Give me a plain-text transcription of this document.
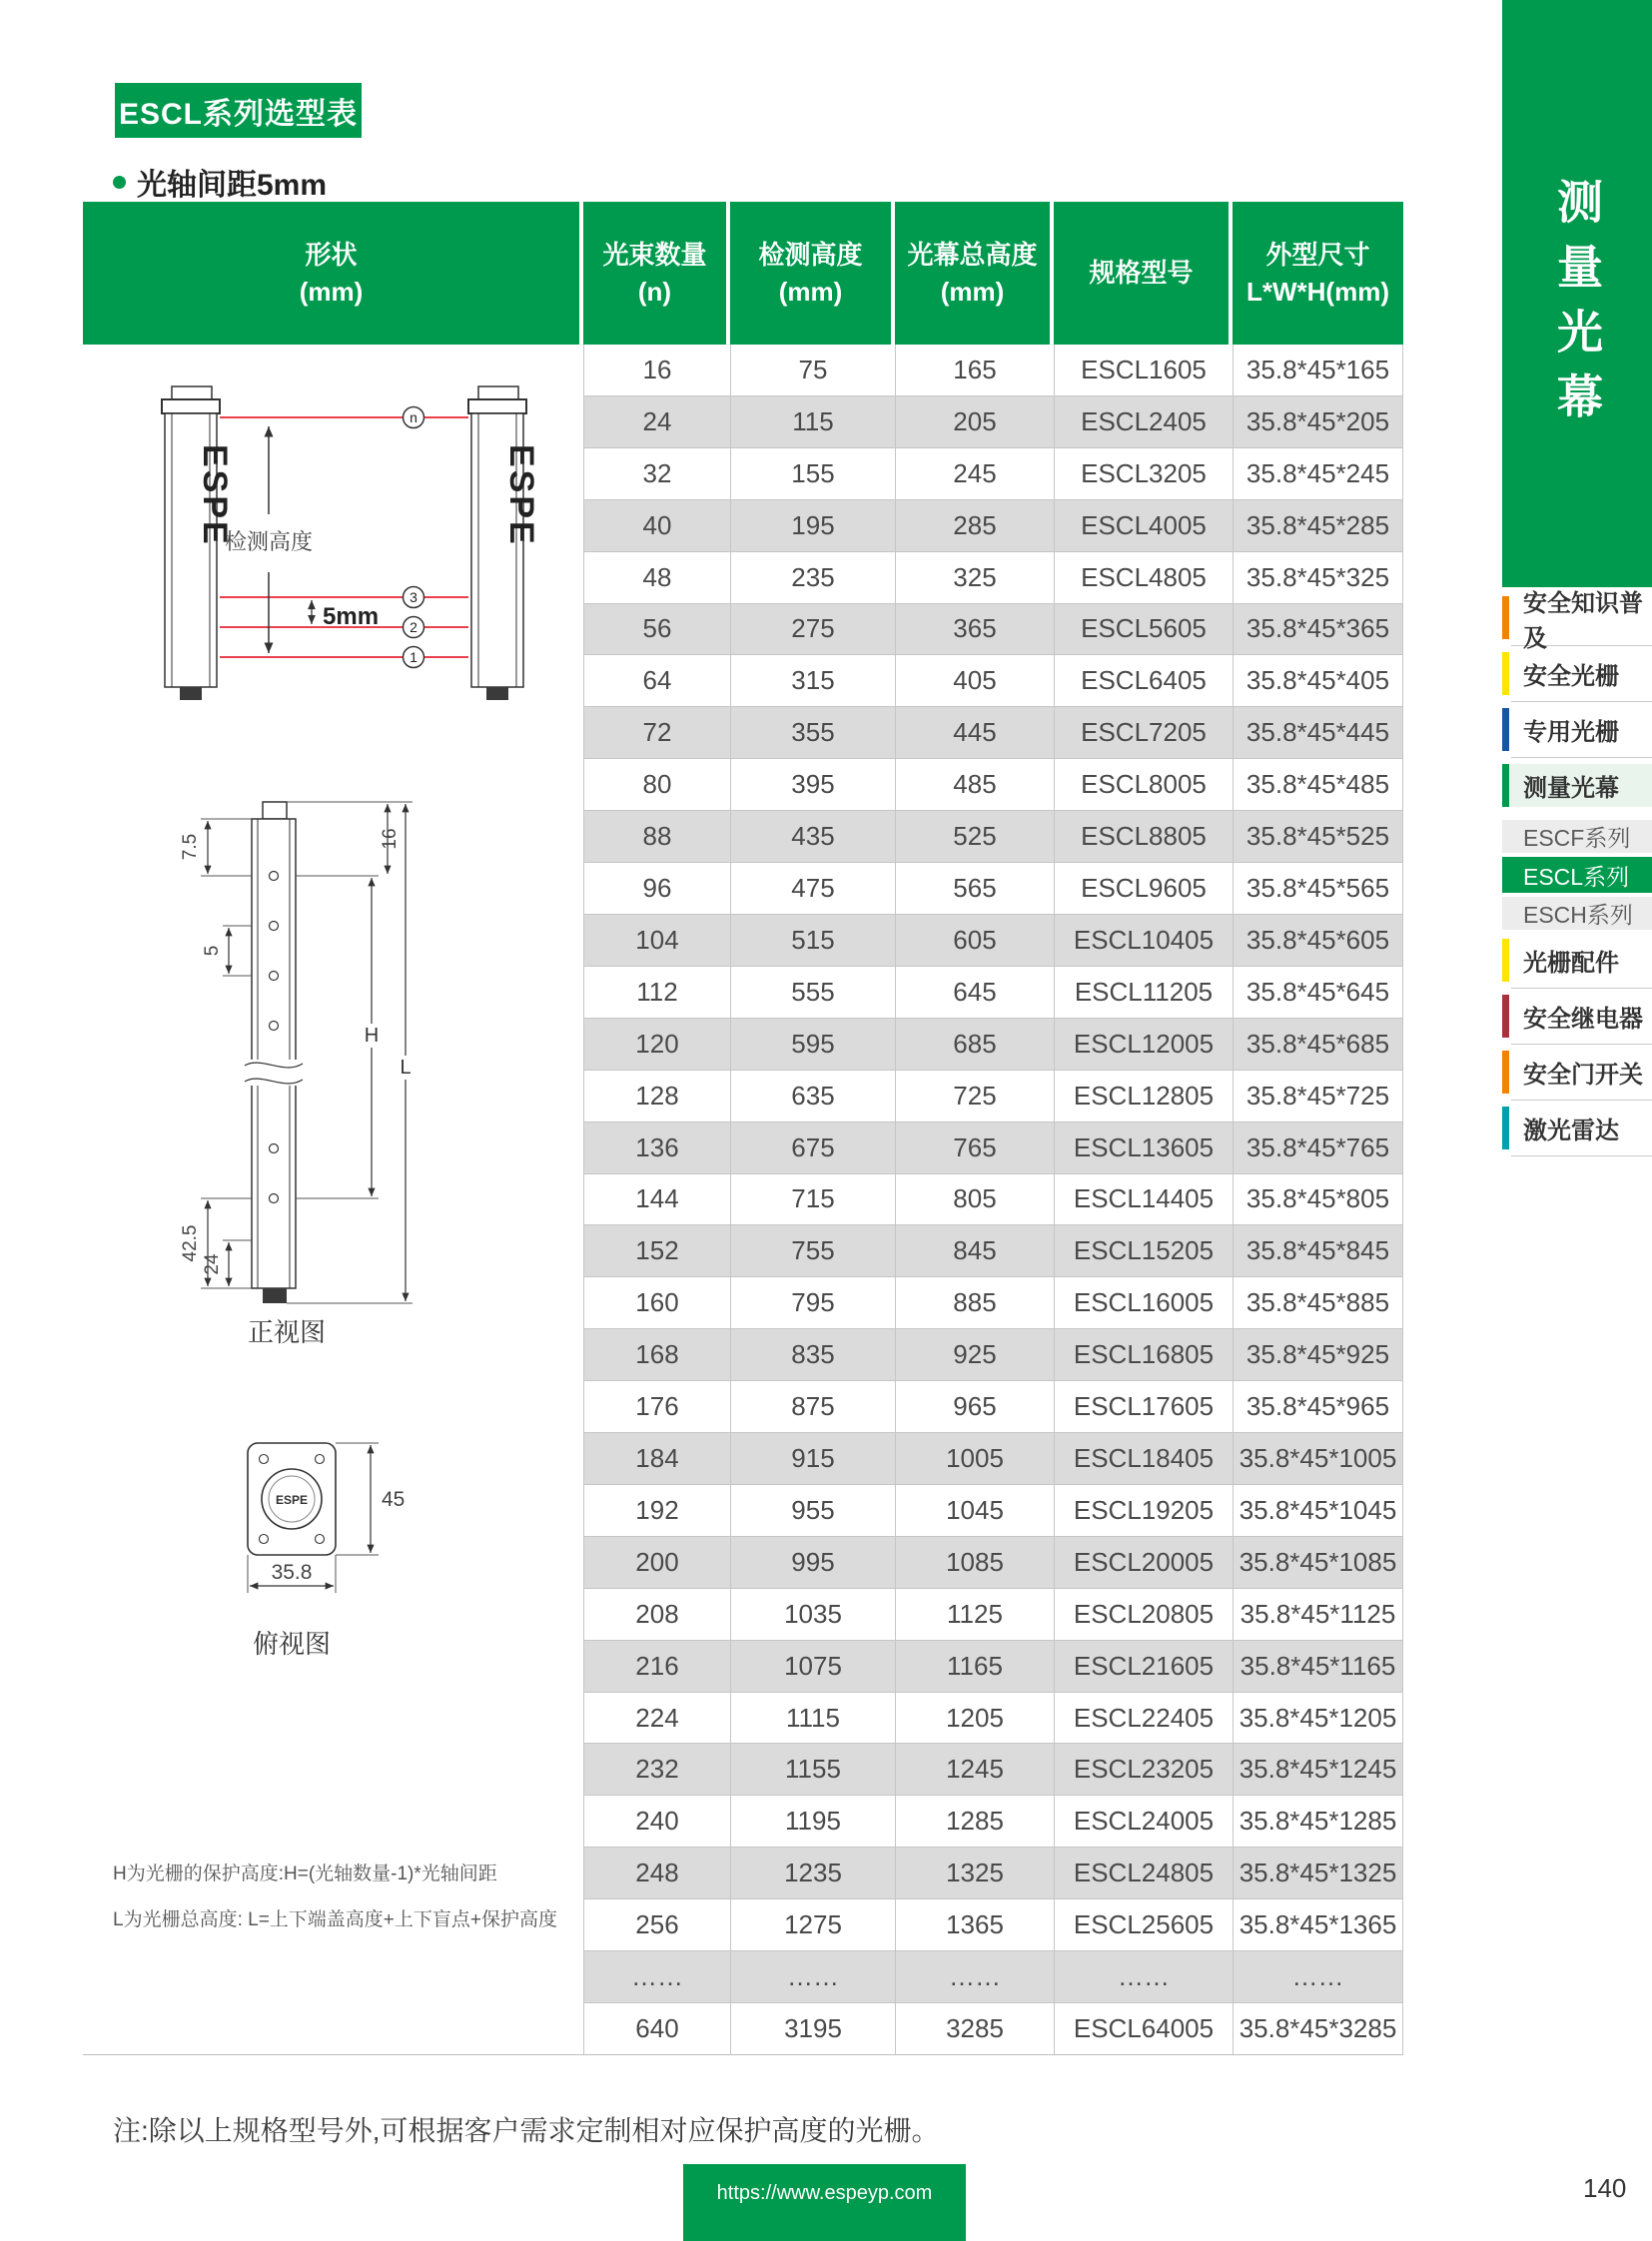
ESCL系列选型表
光轴间距5mm
形状
(mm)
光束数量
(n)
检测高度
(mm)
光幕总高度
(mm)
规格型号
外型尺寸
L*W*H(mm)
ESPE	ESPE
n
3
2
1
检测高度
5mm
7.5
5
42.5
24
16
H
L
正视图
ESPE	45
35.8
俯视图
H为光栅的保护高度:H=(光轴数量-1)*光轴间距
L为光栅总高度: L=上下端盖高度+上下盲点+保护高度
16	75	165	ESCL1605	35.8*45*165
24	115	205	ESCL2405	35.8*45*205
32	155	245	ESCL3205	35.8*45*245
40	195	285	ESCL4005	35.8*45*285
48	235	325	ESCL4805	35.8*45*325
56	275	365	ESCL5605	35.8*45*365
64	315	405	ESCL6405	35.8*45*405
72	355	445	ESCL7205	35.8*45*445
80	395	485	ESCL8005	35.8*45*485
88	435	525	ESCL8805	35.8*45*525
96	475	565	ESCL9605	35.8*45*565
104	515	605	ESCL10405	35.8*45*605
112	555	645	ESCL11205	35.8*45*645
120	595	685	ESCL12005	35.8*45*685
128	635	725	ESCL12805	35.8*45*725
136	675	765	ESCL13605	35.8*45*765
144	715	805	ESCL14405	35.8*45*805
152	755	845	ESCL15205	35.8*45*845
160	795	885	ESCL16005	35.8*45*885
168	835	925	ESCL16805	35.8*45*925
176	875	965	ESCL17605	35.8*45*965
184	915	1005	ESCL18405 35.8*45*1005
192	955	1045	ESCL19205 35.8*45*1045
200	995	1085	ESCL20005 35.8*45*1085
208	1035	1125	ESCL20805	35.8*45*1125
216	1075	1165	ESCL21605	35.8*45*1165
224	1115	1205	ESCL22405 35.8*45*1205
232	1155	1245	ESCL23205 35.8*45*1245
240	1195	1285	ESCL24005 35.8*45*1285
248	1235	1325	ESCL24805 35.8*45*1325
256	1275	1365	ESCL25605 35.8*45*1365
……	……	……	……	……
640	3195	3285	ESCL64005 35.8*45*3285
测量光幕
安全知识普及
安全光栅
专用光栅
测量光幕
ESCF系列
ESCL系列
ESCH系列
光栅配件
安全继电器
安全门开关
激光雷达
注:除以上规格型号外,可根据客户需求定制相对应保护高度的光栅。
https://www.espeyp.com	140
